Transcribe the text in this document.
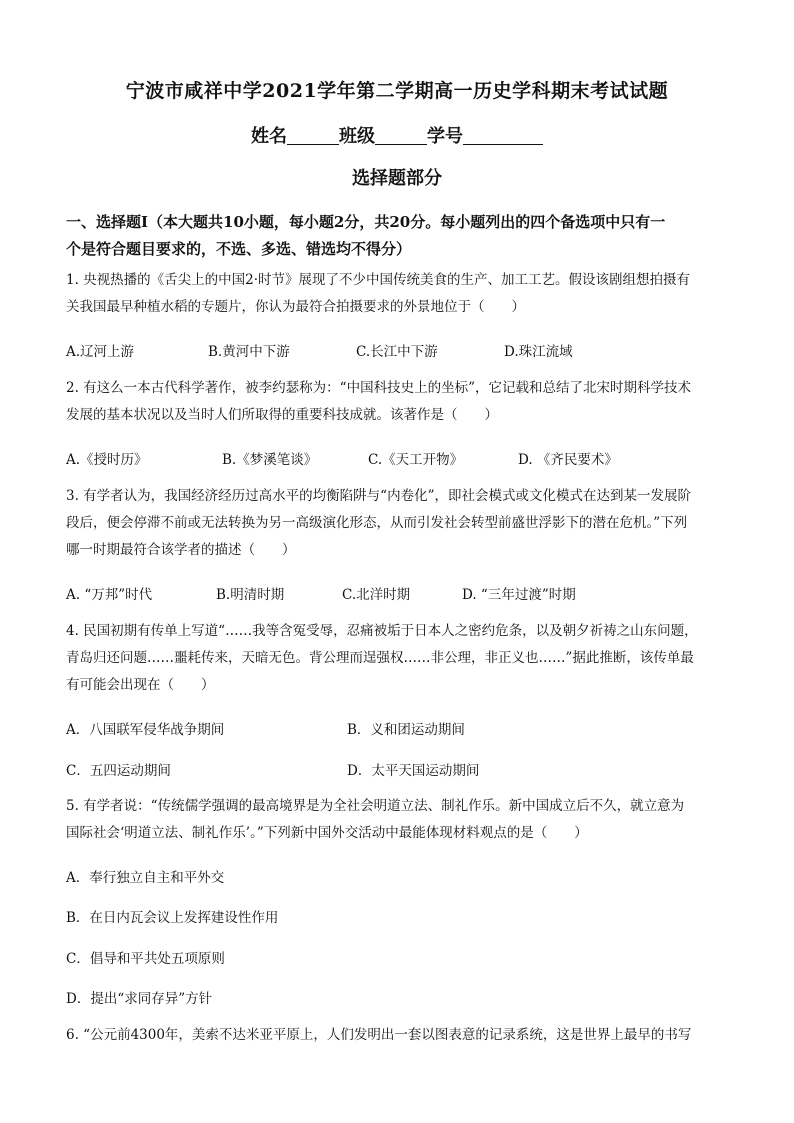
宁波市咸祥中学2021学年第二学期高一历史学科期末考试试题
姓名	班级	学号
选择题部分
一、选择题Ⅰ（本大题共10小题，每小题2分，共20分。每小题列出的四个备选项中只有一
个是符合题目要求的，不选、多选、错选均不得分）
1. 央视热播的《舌尖上的中国2·时节》展现了不少中国传统美食的生产、加工工艺。假设该剧组想拍摄有
关我国最早种植水稻的专题片，你认为最符合拍摄要求的外景地位于（　　）
A.辽河上游	B.黄河中下游	C.长江中下游	D.珠江流域
2. 有这么一本古代科学著作，被李约瑟称为：“中国科技史上的坐标”，它记载和总结了北宋时期科学技术
发展的基本状况以及当时人们所取得的重要科技成就。该著作是（　　）
A.《授时历》	B.《梦溪笔谈》	C.《天工开物》	D. 《齐民要术》
3. 有学者认为，我国经济经历过高水平的均衡陷阱与“内卷化”，即社会模式或文化模式在达到某一发展阶
段后，便会停滞不前或无法转换为另一高级演化形态，从而引发社会转型前盛世浮影下的潜在危机。”下列
哪一时期最符合该学者的描述（　　）
A. “万邦”时代	B.明清时期	C.北洋时期	D. “三年过渡”时期
4. 民国初期有传单上写道“……我等含冤受辱，忍痛被垢于日本人之密约危条，以及朝夕祈祷之山东问题，
青岛归还问题……噩耗传来，天暗无色。背公理而逞强权……非公理，非正义也……”据此推断，该传单最
有可能会出现在（　　）
A．八国联军侵华战争期间	B．义和团运动期间
C．五四运动期间	D．太平天国运动期间
5. 有学者说：“传统儒学强调的最高境界是为全社会明道立法、制礼作乐。新中国成立后不久，就立意为
国际社会‘明道立法、制礼作乐’。”下列新中国外交活动中最能体现材料观点的是（　　）
A．奉行独立自主和平外交
B．在日内瓦会议上发挥建设性作用
C．倡导和平共处五项原则
D．提出“求同存异”方针
6. “公元前4300年，美索不达米亚平原上，人们发明出一套以图表意的记录系统，这是世界上最早的书写
